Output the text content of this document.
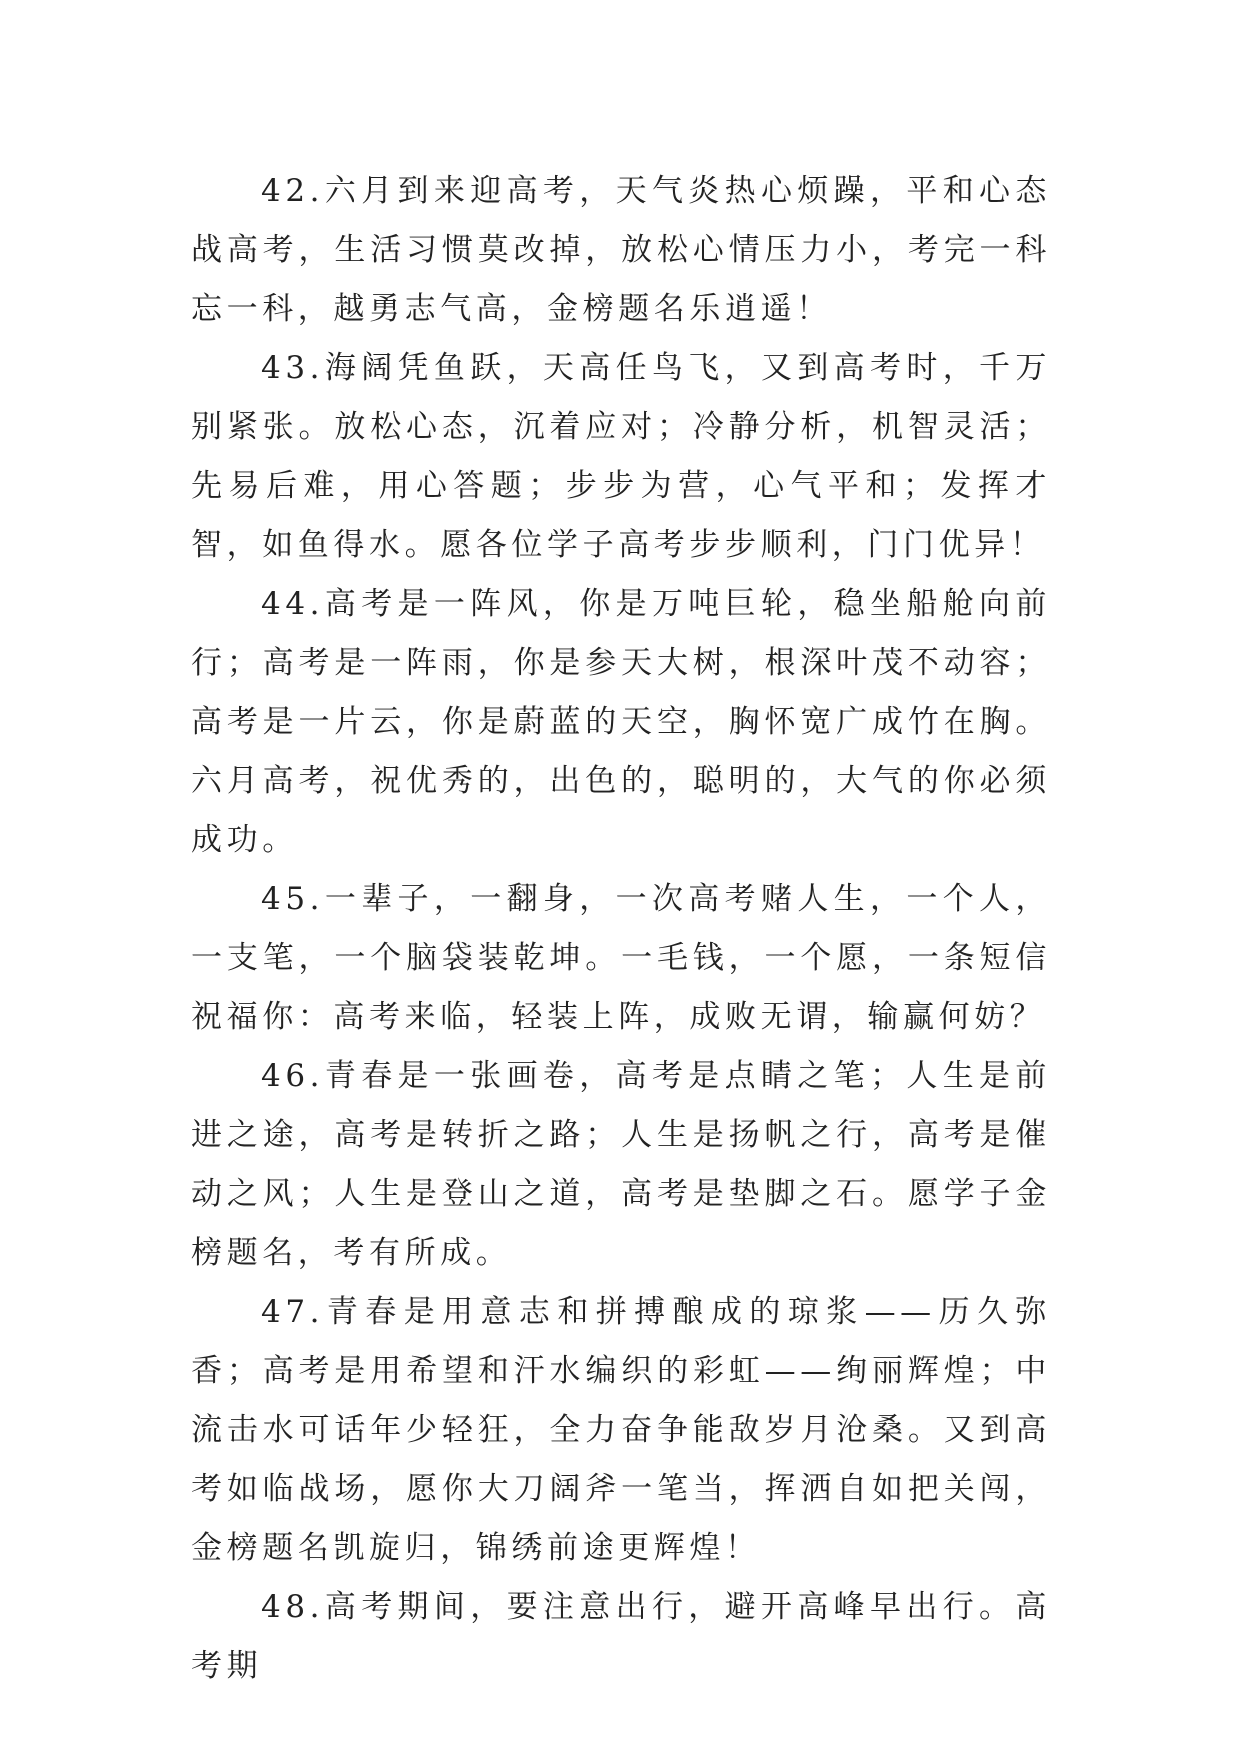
42.六月到来迎高考，天气炎热心烦躁，平和心态战高考，生活习惯莫改掉，放松心情压力小，考完一科忘一科，越勇志气高，金榜题名乐逍遥！

43.海阔凭鱼跃，天高任鸟飞，又到高考时，千万别紧张。放松心态，沉着应对；冷静分析，机智灵活；先易后难，用心答题；步步为营，心气平和；发挥才智，如鱼得水。愿各位学子高考步步顺利，门门优异！

44.高考是一阵风，你是万吨巨轮，稳坐船舱向前行；高考是一阵雨，你是参天大树，根深叶茂不动容；高考是一片云，你是蔚蓝的天空，胸怀宽广成竹在胸。六月高考，祝优秀的，出色的，聪明的，大气的你必须成功。

45.一辈子，一翻身，一次高考赌人生，一个人，一支笔，一个脑袋装乾坤。一毛钱，一个愿，一条短信祝福你：高考来临，轻装上阵，成败无谓，输赢何妨？

46.青春是一张画卷，高考是点睛之笔；人生是前进之途，高考是转折之路；人生是扬帆之行，高考是催动之风；人生是登山之道，高考是垫脚之石。愿学子金榜题名，考有所成。

47.青春是用意志和拼搏酿成的琼浆——历久弥香；高考是用希望和汗水编织的彩虹——绚丽辉煌；中流击水可话年少轻狂，全力奋争能敌岁月沧桑。又到高考如临战场，愿你大刀阔斧一笔当，挥洒自如把关闯，金榜题名凯旋归，锦绣前途更辉煌！

48.高考期间，要注意出行，避开高峰早出行。高考期
